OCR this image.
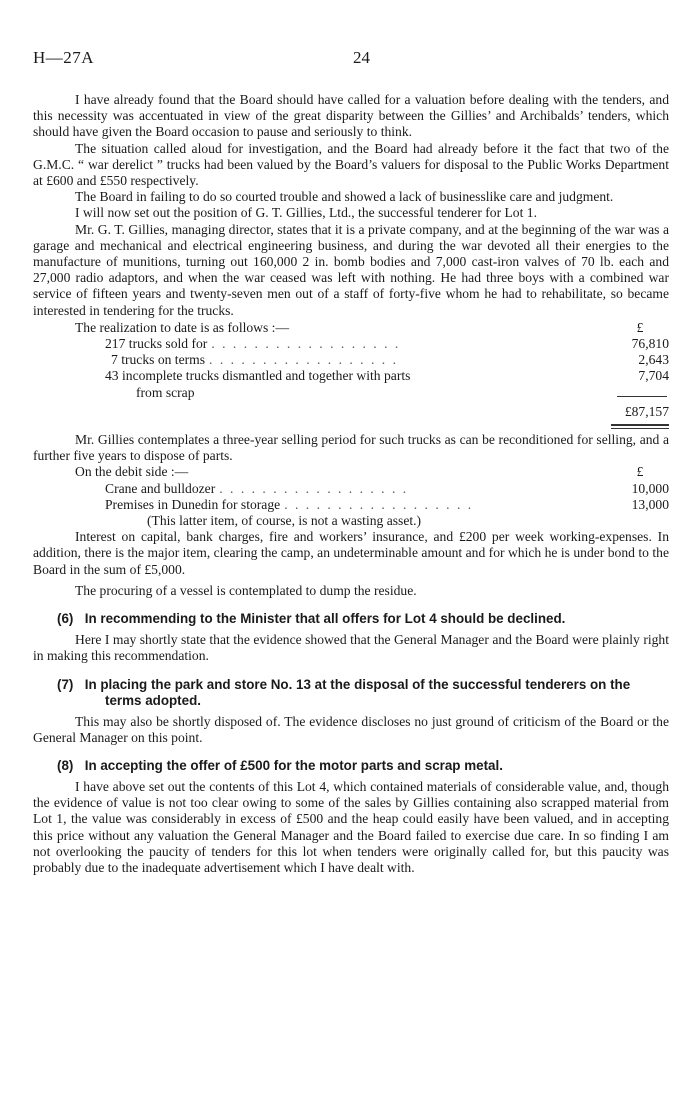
H—27A	24

I have already found that the Board should have called for a valuation before dealing with the tenders, and this necessity was accentuated in view of the great disparity between the Gillies’ and Archibalds’ tenders, which should have given the Board occasion to pause and seriously to think.

The situation called aloud for investigation, and the Board had already before it the fact that two of the G.M.C. “ war derelict ” trucks had been valued by the Board’s valuers for disposal to the Public Works Department at £600 and £550 respectively.

The Board in failing to do so courted trouble and showed a lack of businesslike care and judgment.

I will now set out the position of G. T. Gillies, Ltd., the successful tenderer for Lot 1.

Mr. G. T. Gillies, managing director, states that it is a private company, and at the beginning of the war was a garage and mechanical and electrical engineering business, and during the war devoted all their energies to the manufacture of munitions, turning out 160,000 2 in. bomb bodies and 7,000 cast-iron valves of 70 lb. each and 27,000 radio adaptors, and when the war ceased was left with nothing. He had three boys with a combined war service of fifteen years and twenty-seven men out of a staff of forty-five whom he had to rehabilitate, so became interested in tendering for the trucks.

The realization to date is as follows :—	£
217 trucks sold for . . . . . . . . . . . . . . . . . .	76,810
7 trucks on terms . . . . . . . . . . . . . . . . . .	2,643
43 incomplete trucks dismantled and together with parts	7,704
from scrap
£87,157

Mr. Gillies contemplates a three-year selling period for such trucks as can be reconditioned for selling, and a further five years to dispose of parts.

On the debit side :—	£
Crane and bulldozer . . . . . . . . . . . . . . . . . .	10,000
Premises in Dunedin for storage . . . . . . . . . . . . . . . . . .	13,000
(This latter item, of course, is not a wasting asset.)

Interest on capital, bank charges, fire and workers’ insurance, and £200 per week working-expenses. In addition, there is the major item, clearing the camp, an undeterminable amount and for which he is under bond to the Board in the sum of £5,000.

The procuring of a vessel is contemplated to dump the residue.

(6) In recommending to the Minister that all offers for Lot 4 should be declined.

Here I may shortly state that the evidence showed that the General Manager and the Board were plainly right in making this recommendation.

(7) In placing the park and store No. 13 at the disposal of the successful tenderers on the terms adopted.

This may also be shortly disposed of. The evidence discloses no just ground of criticism of the Board or the General Manager on this point.

(8) In accepting the offer of £500 for the motor parts and scrap metal.

I have above set out the contents of this Lot 4, which contained materials of considerable value, and, though the evidence of value is not too clear owing to some of the sales by Gillies containing also scrapped material from Lot 1, the value was considerably in excess of £500 and the heap could easily have been valued, and in accepting this price without any valuation the General Manager and the Board failed to exercise due care. In so finding I am not overlooking the paucity of tenders for this lot when tenders were originally called for, but this paucity was probably due to the inadequate advertisement which I have dealt with.
